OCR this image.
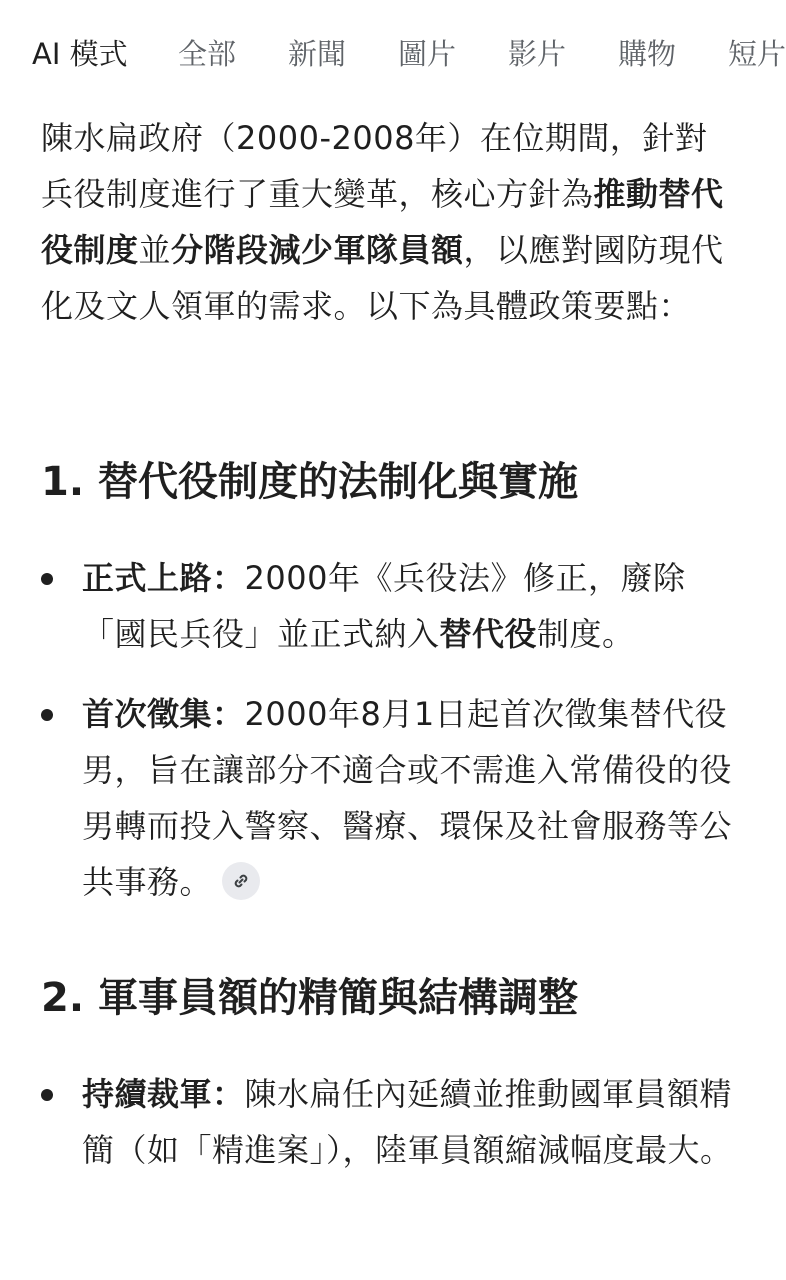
AI 模式 全部 新聞 圖片 影片 購物 短片

陳水扁政府（2000-2008年）在位期間，針對兵役制度進行了重大變革，核心方針為推動替代役制度並分階段減少軍隊員額，以應對國防現代化及文人領軍的需求。以下為具體政策要點：

1. 替代役制度的法制化與實施
正式上路：2000年《兵役法》修正，廢除「國民兵役」並正式納入替代役制度。
首次徵集：2000年8月1日起首次徵集替代役男，旨在讓部分不適合或不需進入常備役的役男轉而投入警察、醫療、環保及社會服務等公共事務。
2. 軍事員額的精簡與結構調整
持續裁軍：陳水扁任內延續並推動國軍員額精簡（如「精進案」），陸軍員額縮減幅度最大。
